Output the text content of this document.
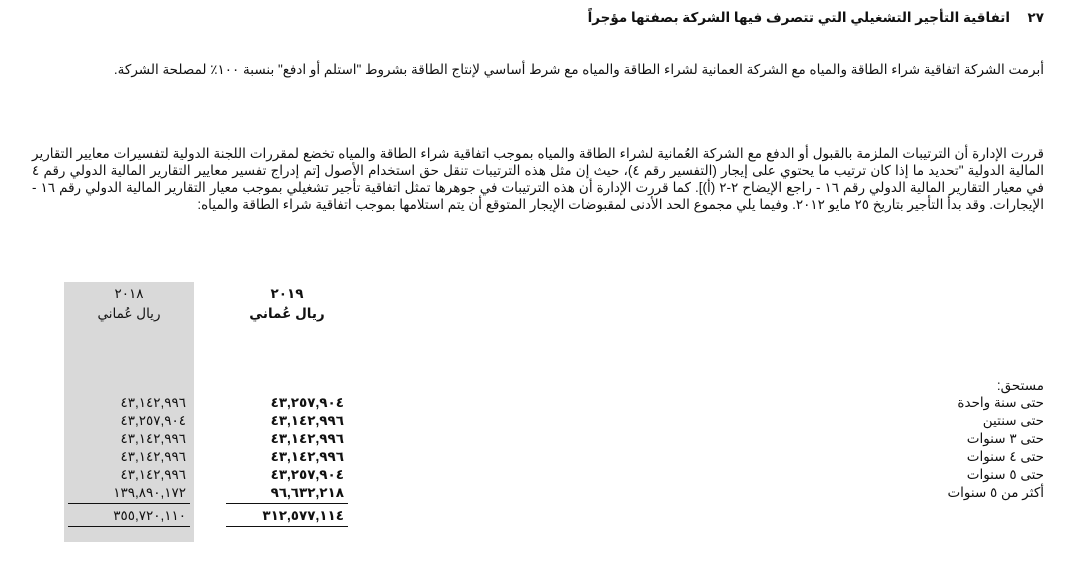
٢٧اتفاقية التأجير التشغيلي التي تتصرف فيها الشركة بصفتها مؤجراً

أبرمت الشركة اتفاقية شراء الطاقة والمياه مع الشركة العمانية لشراء الطاقة والمياه مع شرط أساسي لإنتاج الطاقة بشروط "استلم أو ادفع" بنسبة ١٠٠٪ لمصلحة الشركة.

قررت الإدارة أن الترتيبات الملزمة بالقبول أو الدفع مع الشركة العُمانية لشراء الطاقة والمياه بموجب اتفاقية شراء الطاقة والمياه تخضع لمقررات اللجنة الدولية لتفسيرات معايير التقارير المالية الدولية "تحديد ما إذا كان ترتيب ما يحتوي على إيجار (التفسير رقم ٤)، حيث إن مثل هذه الترتيبات تنقل حق استخدام الأصول [تم إدراج تفسير معايير التقارير المالية الدولي رقم ٤ في معيار التقارير المالية الدولي رقم ١٦ - راجع الإيضاح ٢-٢ (أ)]. كما قررت الإدارة أن هذه الترتيبات في جوهرها تمثل اتفاقية تأجير تشغيلي بموجب معيار التقارير المالية الدولي رقم ١٦ - الإيجارات. وقد بدأ التأجير بتاريخ ٢٥ مايو ٢٠١٢. وفيما يلي مجموع الحد الأدنى لمقبوضات الإيجار المتوقع أن يتم استلامها بموجب اتفاقية شراء الطاقة والمياه:

٢٠١٨
ريال عُماني
٢٠١٩
ريال عُماني
مستحق:
حتى سنة واحدة
٤٣,٢٥٧,٩٠٤
٤٣,١٤٢,٩٩٦
حتى سنتين
٤٣,١٤٢,٩٩٦
٤٣,٢٥٧,٩٠٤
حتى ٣ سنوات
٤٣,١٤٢,٩٩٦
٤٣,١٤٢,٩٩٦
حتى ٤ سنوات
٤٣,١٤٢,٩٩٦
٤٣,١٤٢,٩٩٦
حتى ٥ سنوات
٤٣,٢٥٧,٩٠٤
٤٣,١٤٢,٩٩٦
أكثر من ٥ سنوات
٩٦,٦٣٢,٢١٨
١٣٩,٨٩٠,١٧٢
٣١٢,٥٧٧,١١٤
٣٥٥,٧٢٠,١١٠
